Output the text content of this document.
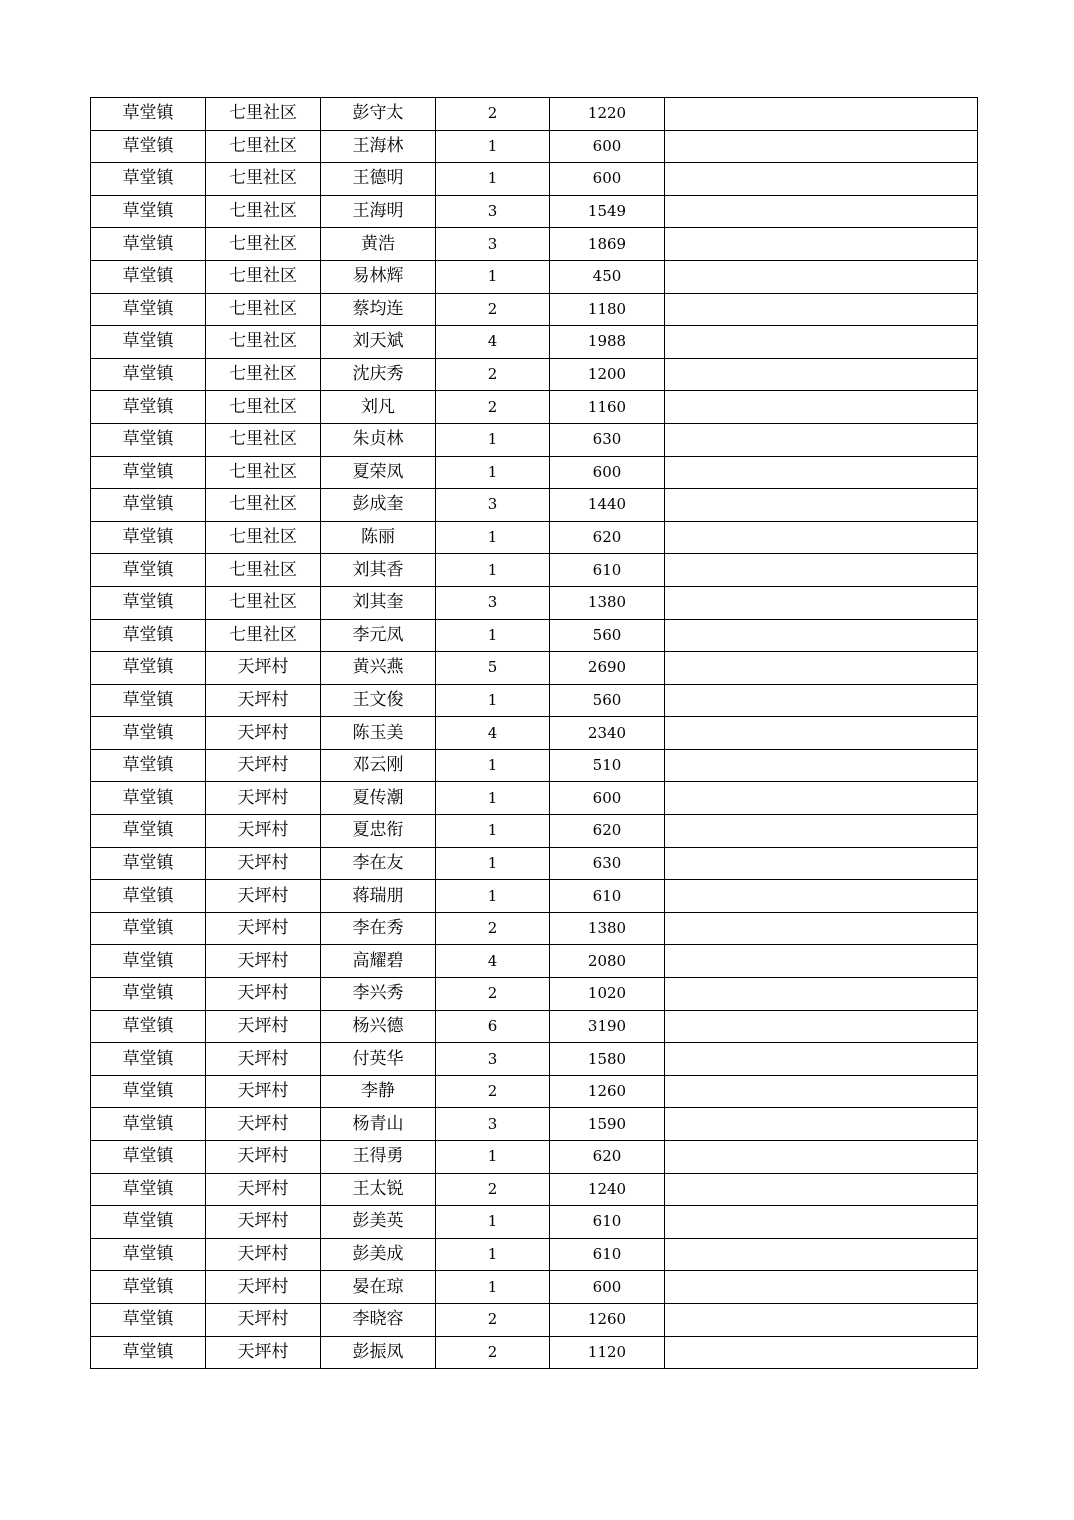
草堂镇	七里社区	彭守太	2	1220	
草堂镇	七里社区	王海林	1	600	
草堂镇	七里社区	王德明	1	600	
草堂镇	七里社区	王海明	3	1549	
草堂镇	七里社区	黄浩	3	1869	
草堂镇	七里社区	易林辉	1	450	
草堂镇	七里社区	蔡均连	2	1180	
草堂镇	七里社区	刘天斌	4	1988	
草堂镇	七里社区	沈庆秀	2	1200	
草堂镇	七里社区	刘凡	2	1160	
草堂镇	七里社区	朱贞林	1	630	
草堂镇	七里社区	夏荣凤	1	600	
草堂镇	七里社区	彭成奎	3	1440	
草堂镇	七里社区	陈丽	1	620	
草堂镇	七里社区	刘其香	1	610	
草堂镇	七里社区	刘其奎	3	1380	
草堂镇	七里社区	李元凤	1	560	
草堂镇	天坪村	黄兴燕	5	2690	
草堂镇	天坪村	王文俊	1	560	
草堂镇	天坪村	陈玉美	4	2340	
草堂镇	天坪村	邓云刚	1	510	
草堂镇	天坪村	夏传潮	1	600	
草堂镇	天坪村	夏忠衔	1	620	
草堂镇	天坪村	李在友	1	630	
草堂镇	天坪村	蒋瑞朋	1	610	
草堂镇	天坪村	李在秀	2	1380	
草堂镇	天坪村	高耀碧	4	2080	
草堂镇	天坪村	李兴秀	2	1020	
草堂镇	天坪村	杨兴德	6	3190	
草堂镇	天坪村	付英华	3	1580	
草堂镇	天坪村	李静	2	1260	
草堂镇	天坪村	杨青山	3	1590	
草堂镇	天坪村	王得勇	1	620	
草堂镇	天坪村	王太锐	2	1240	
草堂镇	天坪村	彭美英	1	610	
草堂镇	天坪村	彭美成	1	610	
草堂镇	天坪村	晏在琼	1	600	
草堂镇	天坪村	李晓容	2	1260	
草堂镇	天坪村	彭振凤	2	1120	
